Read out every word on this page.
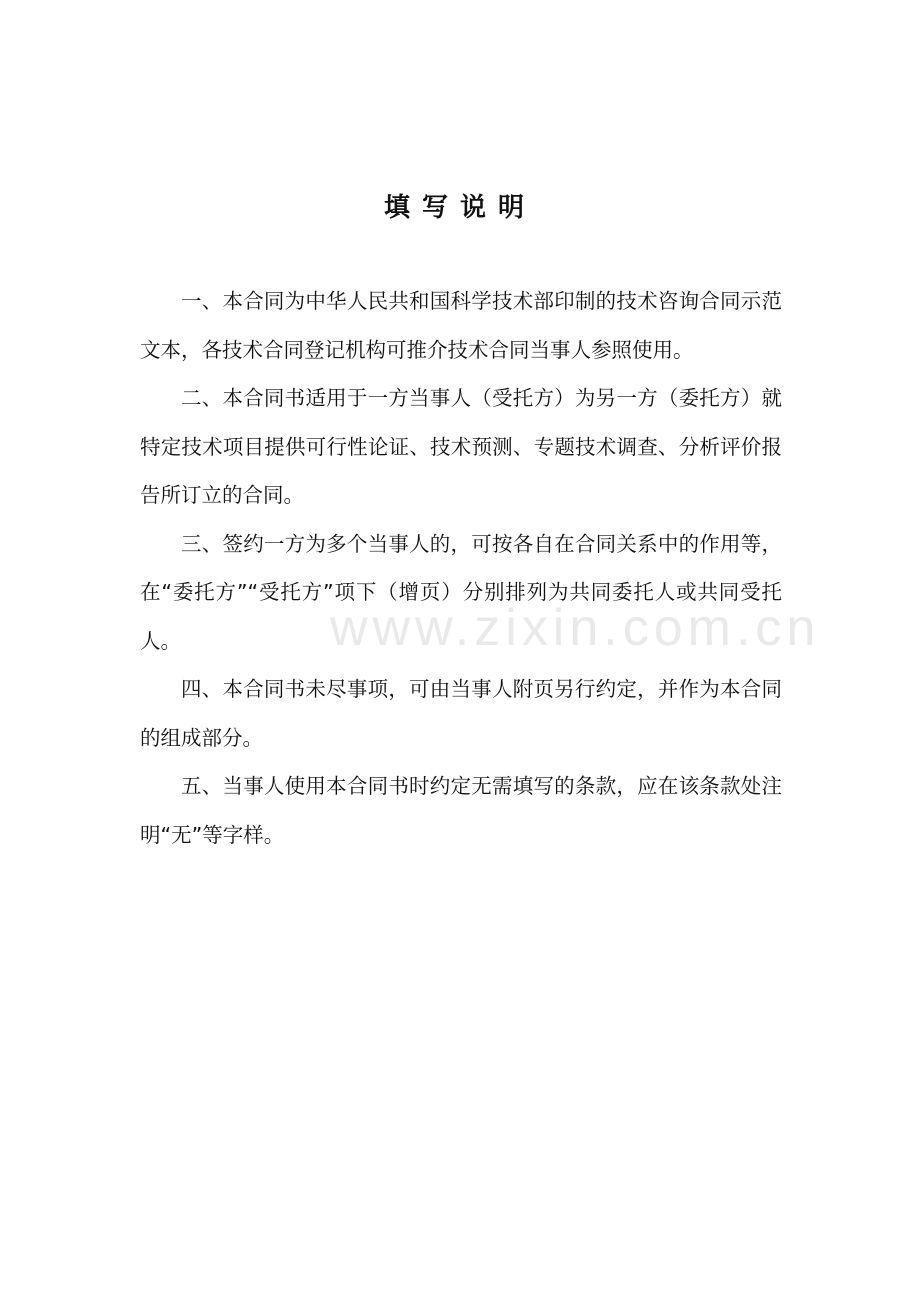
www.zixin.com.cn
填写说明

一、本合同为中华人民共和国科学技术部印制的技术咨询合同示范文本，各技术合同登记机构可推介技术合同当事人参照使用。

二、本合同书适用于一方当事人（受托方）为另一方（委托方）就特定技术项目提供可行性论证、技术预测、专题技术调查、分析评价报告所订立的合同。

三、签约一方为多个当事人的，可按各自在合同关系中的作用等，在“委托方”“受托方”项下（增页）分别排列为共同委托人或共同受托人。

四、本合同书未尽事项，可由当事人附页另行约定，并作为本合同的组成部分。

五、当事人使用本合同书时约定无需填写的条款，应在该条款处注明“无”等字样。
